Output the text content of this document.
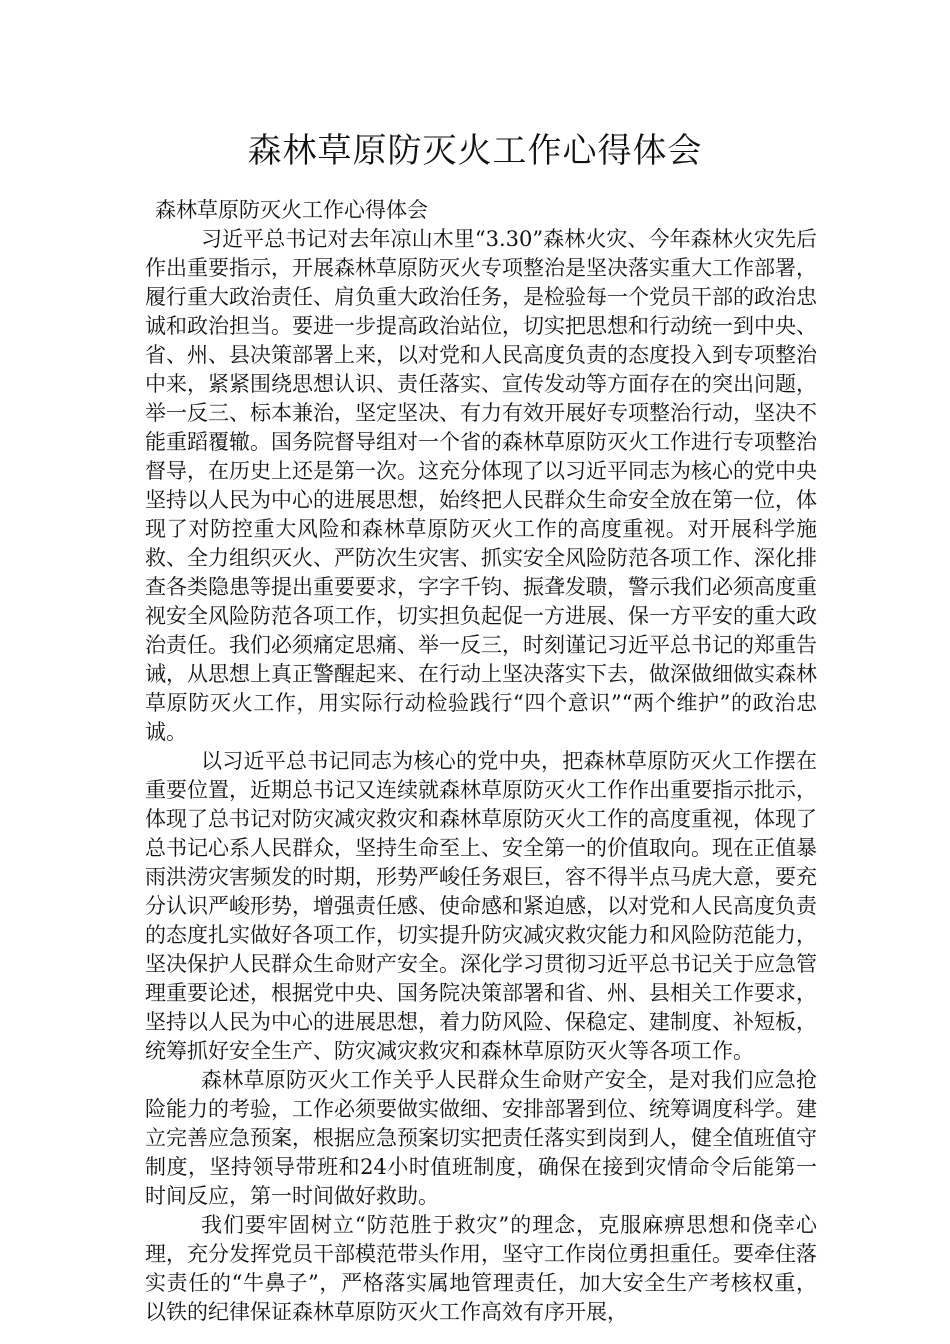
森林草原防灭火工作心得体会

森林草原防灭火工作心得体会

习近平总书记对去年凉山木里“3.30”森林火灾、今年森林火灾先后作出重要指示，开展森林草原防灭火专项整治是坚决落实重大工作部署，履行重大政治责任、肩负重大政治任务，是检验每一个党员干部的政治忠诚和政治担当。要进一步提高政治站位，切实把思想和行动统一到中央、省、州、县决策部署上来，以对党和人民高度负责的态度投入到专项整治中来，紧紧围绕思想认识、责任落实、宣传发动等方面存在的突出问题，举一反三、标本兼治，坚定坚决、有力有效开展好专项整治行动，坚决不能重蹈覆辙。国务院督导组对一个省的森林草原防灭火工作进行专项整治督导，在历史上还是第一次。这充分体现了以习近平同志为核心的党中央坚持以人民为中心的进展思想，始终把人民群众生命安全放在第一位，体现了对防控重大风险和森林草原防灭火工作的高度重视。对开展科学施救、全力组织灭火、严防次生灾害、抓实安全风险防范各项工作、深化排查各类隐患等提出重要要求，字字千钧、振聋发聩，警示我们必须高度重视安全风险防范各项工作，切实担负起促一方进展、保一方平安的重大政治责任。我们必须痛定思痛、举一反三，时刻谨记习近平总书记的郑重告诫，从思想上真正警醒起来、在行动上坚决落实下去，做深做细做实森林草原防灭火工作，用实际行动检验践行“四个意识”“两个维护”的政治忠诚。

以习近平总书记同志为核心的党中央，把森林草原防灭火工作摆在重要位置，近期总书记又连续就森林草原防灭火工作作出重要指示批示，体现了总书记对防灾减灾救灾和森林草原防灭火工作的高度重视，体现了总书记心系人民群众，坚持生命至上、安全第一的价值取向。现在正值暴雨洪涝灾害频发的时期，形势严峻任务艰巨，容不得半点马虎大意，要充分认识严峻形势，增强责任感、使命感和紧迫感，以对党和人民高度负责的态度扎实做好各项工作，切实提升防灾减灾救灾能力和风险防范能力，坚决保护人民群众生命财产安全。深化学习贯彻习近平总书记关于应急管理重要论述，根据党中央、国务院决策部署和省、州、县相关工作要求，坚持以人民为中心的进展思想，着力防风险、保稳定、建制度、补短板，统筹抓好安全生产、防灾减灾救灾和森林草原防灭火等各项工作。

森林草原防灭火工作关乎人民群众生命财产安全，是对我们应急抢险能力的考验，工作必须要做实做细、安排部署到位、统筹调度科学。建立完善应急预案，根据应急预案切实把责任落实到岗到人，健全值班值守制度，坚持领导带班和24小时值班制度，确保在接到灾情命令后能第一时间反应，第一时间做好救助。

我们要牢固树立“防范胜于救灾”的理念，克服麻痹思想和侥幸心理，充分发挥党员干部模范带头作用，坚守工作岗位勇担重任。要牵住落实责任的“牛鼻子”，严格落实属地管理责任，加大安全生产考核权重，以铁的纪律保证森林草原防灭火工作高效有序开展，
